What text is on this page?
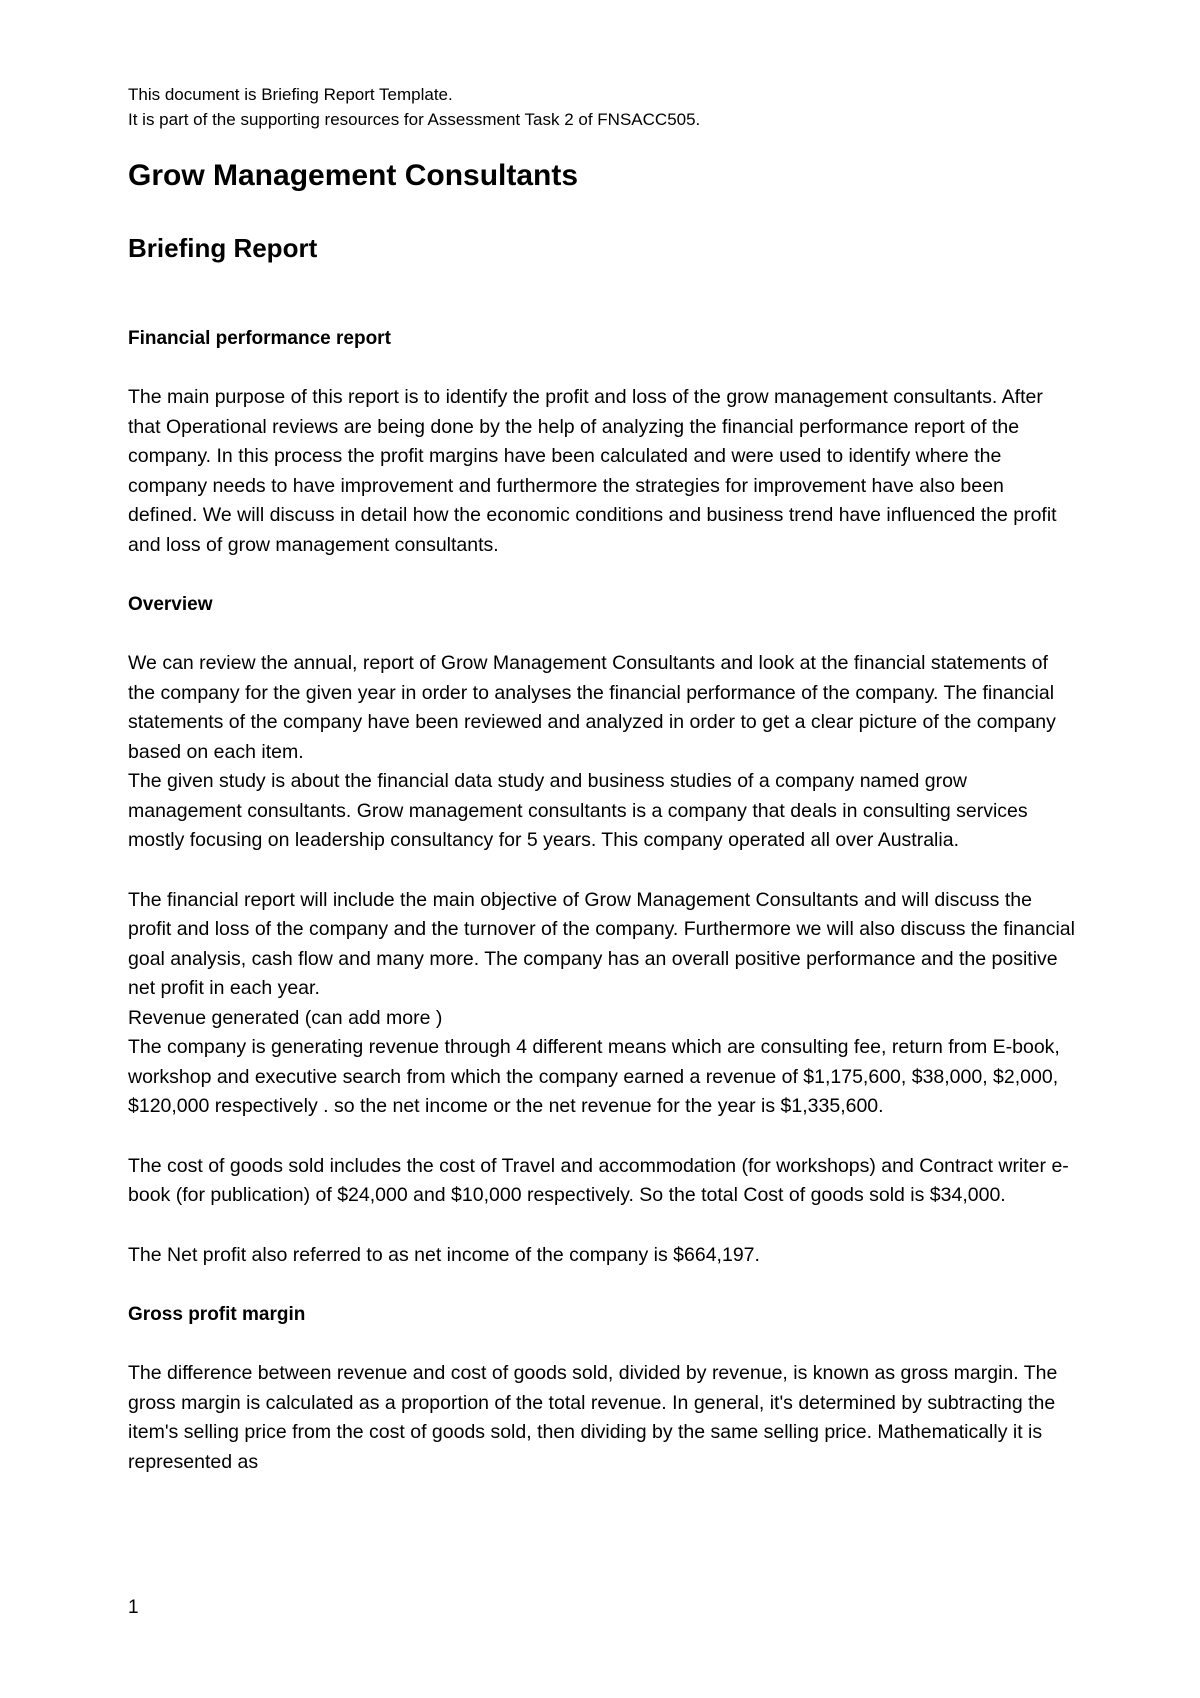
This document is Briefing Report Template.

It is part of the supporting resources for Assessment Task 2 of FNSACC505.

Grow Management Consultants
Briefing Report
Financial performance report

The main purpose of this report is to identify the profit and loss of the grow management consultants. After that Operational reviews are being done by the help of analyzing the financial performance report of the company. In this process the profit margins have been calculated and were used to identify where the company needs to have improvement and furthermore the strategies for improvement have also been defined. We will discuss in detail how the economic conditions and business trend have influenced the profit and loss of grow management consultants.

Overview

We can review the annual, report of Grow Management Consultants and look at the financial statements of the company for the given year in order to analyses the financial performance of the company. The financial statements of the company have been reviewed and analyzed in order to get a clear picture of the company based on each item.

The given study is about the financial data study and business studies of a company named grow management consultants. Grow management consultants is a company that deals in consulting services mostly focusing on leadership consultancy for 5 years. This company operated all over Australia.

The financial report will include the main objective of Grow Management Consultants and will discuss the profit and loss of the company and the turnover of the company. Furthermore we will also discuss the financial goal analysis, cash flow and many more. The company has an overall positive performance and the positive net profit in each year.

Revenue generated (can add more )

The company is generating revenue through 4 different means which are consulting fee, return from E-book, workshop and executive search from which the company earned a revenue of $1,175,600, $38,000, $2,000, $120,000 respectively . so the net income or the net revenue for the year is $1,335,600.

The cost of goods sold includes the cost of Travel and accommodation (for workshops) and Contract writer e-book (for publication) of $24,000 and $10,000 respectively. So the total Cost of goods sold is $34,000.

The Net profit also referred to as net income of the company is $664,197.

Gross profit margin

The difference between revenue and cost of goods sold, divided by revenue, is known as gross margin. The gross margin is calculated as a proportion of the total revenue. In general, it's determined by subtracting the item's selling price from the cost of goods sold, then dividing by the same selling price. Mathematically it is represented as

1
